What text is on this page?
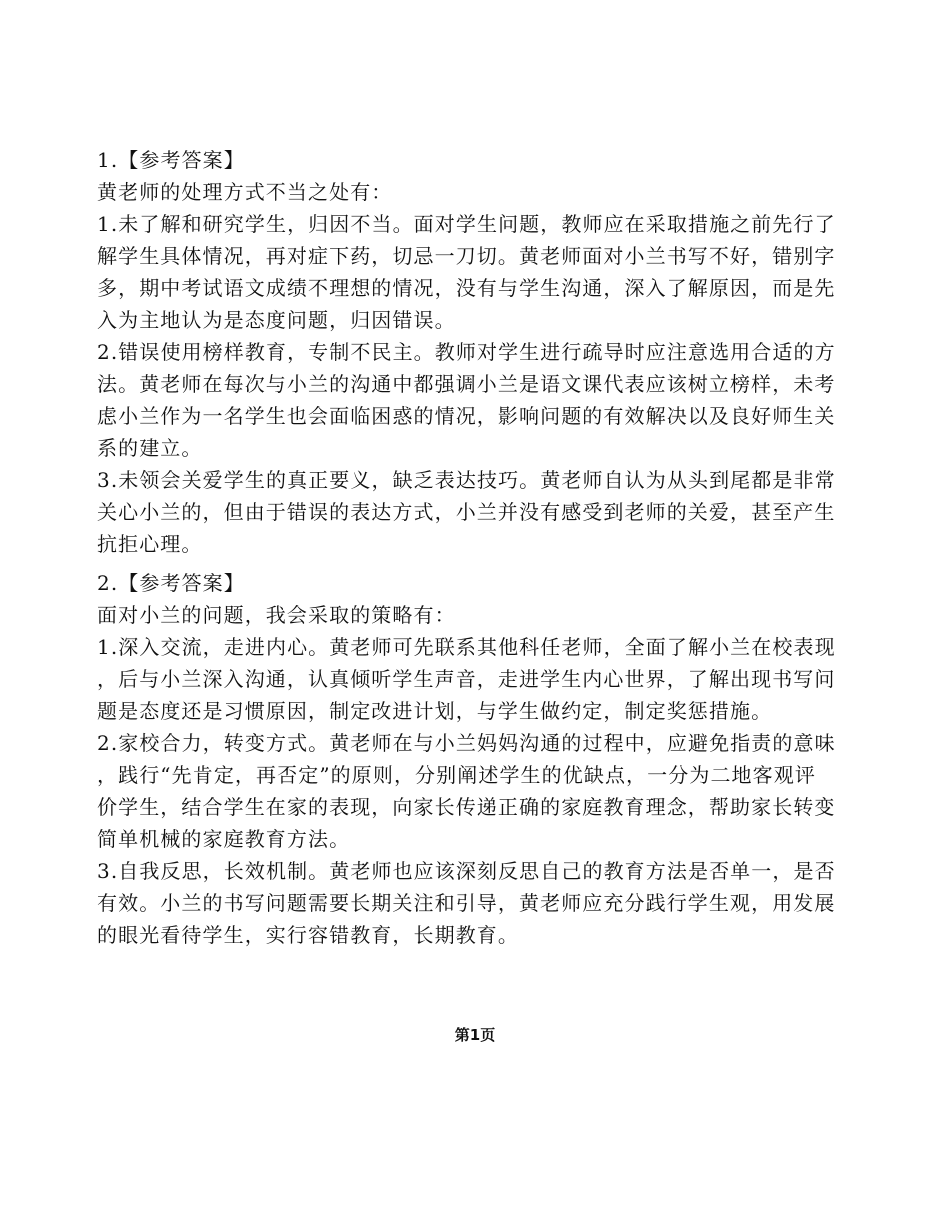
1.【参考答案】
黄老师的处理方式不当之处有：
1.未了解和研究学生，归因不当。面对学生问题，教师应在采取措施之前先行了
解学生具体情况，再对症下药，切忌一刀切。黄老师面对小兰书写不好，错别字
多，期中考试语文成绩不理想的情况，没有与学生沟通，深入了解原因，而是先
入为主地认为是态度问题，归因错误。
2.错误使用榜样教育，专制不民主。教师对学生进行疏导时应注意选用合适的方
法。黄老师在每次与小兰的沟通中都强调小兰是语文课代表应该树立榜样，未考
虑小兰作为一名学生也会面临困惑的情况，影响问题的有效解决以及良好师生关
系的建立。
3.未领会关爱学生的真正要义，缺乏表达技巧。黄老师自认为从头到尾都是非常
关心小兰的，但由于错误的表达方式，小兰并没有感受到老师的关爱，甚至产生
抗拒心理。
2.【参考答案】
面对小兰的问题，我会采取的策略有：
1.深入交流，走进内心。黄老师可先联系其他科任老师，全面了解小兰在校表现
，后与小兰深入沟通，认真倾听学生声音，走进学生内心世界，了解出现书写问
题是态度还是习惯原因，制定改进计划，与学生做约定，制定奖惩措施。
2.家校合力，转变方式。黄老师在与小兰妈妈沟通的过程中，应避免指责的意味
，践行“先肯定，再否定”的原则，分别阐述学生的优缺点，一分为二地客观评
价学生，结合学生在家的表现，向家长传递正确的家庭教育理念，帮助家长转变
简单机械的家庭教育方法。
3.自我反思，长效机制。黄老师也应该深刻反思自己的教育方法是否单一，是否
有效。小兰的书写问题需要长期关注和引导，黄老师应充分践行学生观，用发展
的眼光看待学生，实行容错教育，长期教育。
第1页
